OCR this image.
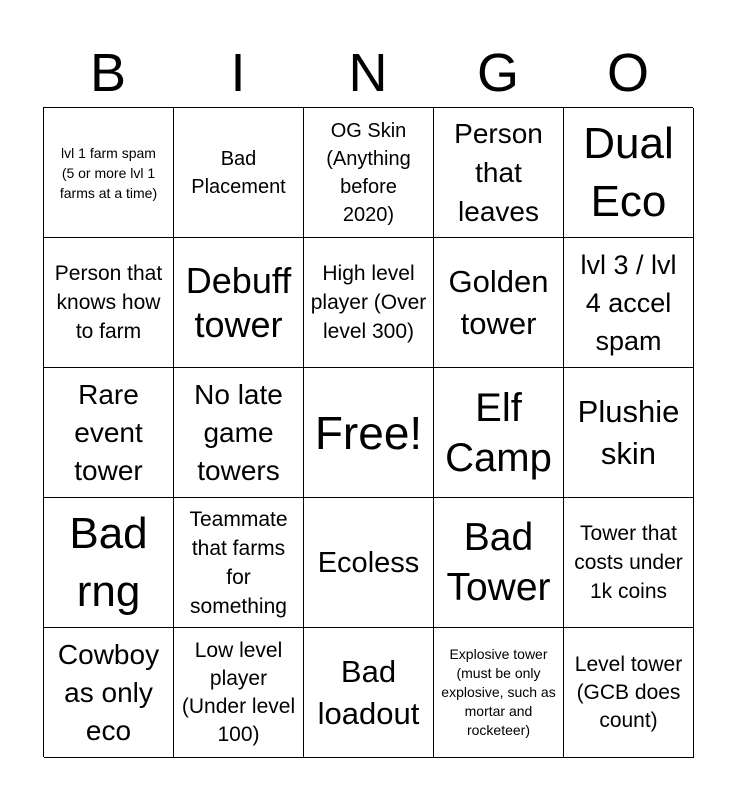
B	I	N	G	O
lvl 1 farm spam (5 or more lvl 1 farms at a time)
Bad Placement
OG Skin (Anything before 2020)
Person that leaves
Dual Eco
Person that knows how to farm
Debuff tower
High level player (Over level 300)
Golden tower
lvl 3 / lvl 4 accel spam
Rare event tower
No late game towers
Free!	Elf Camp
Plushie skin
Bad rng
Teammate that farms for something
Ecoless
Bad Tower
Tower that costs under 1k coins
Cowboy as only eco
Low level player (Under level 100)
Bad loadout
Explosive tower (must be only explosive, such as mortar and rocketeer)
Level tower (GCB does count)
